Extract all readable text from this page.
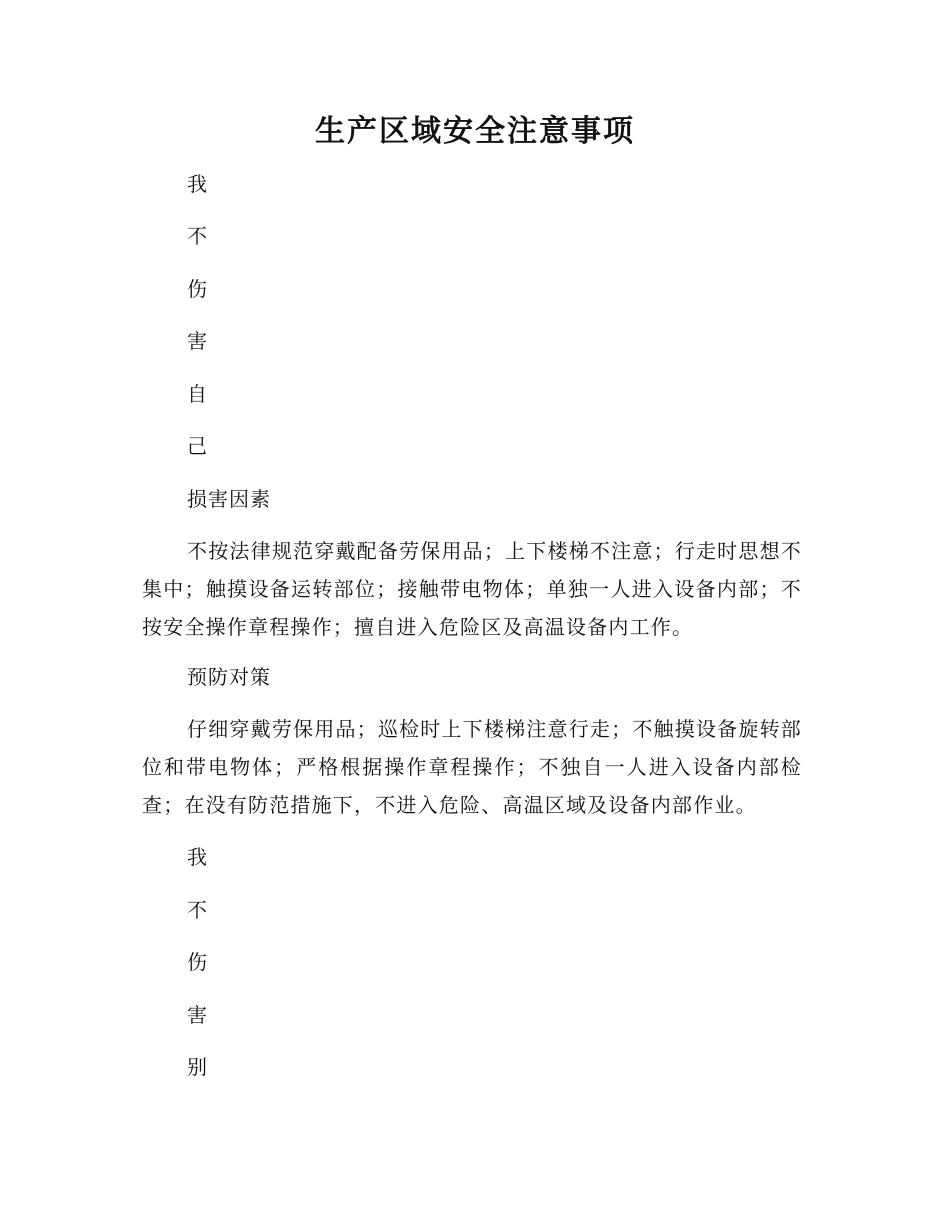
生产区域安全注意事项
我
不
伤
害
自
己
损害因素
不按法律规范穿戴配备劳保用品；上下楼梯不注意；行走时思想不集中；触摸设备运转部位；接触带电物体；单独一人进入设备内部；不按安全操作章程操作；擅自进入危险区及高温设备内工作。
预防对策
仔细穿戴劳保用品；巡检时上下楼梯注意行走；不触摸设备旋转部位和带电物体；严格根据操作章程操作；不独自一人进入设备内部检查；在没有防范措施下，不进入危险、高温区域及设备内部作业。
我
不
伤
害
别
